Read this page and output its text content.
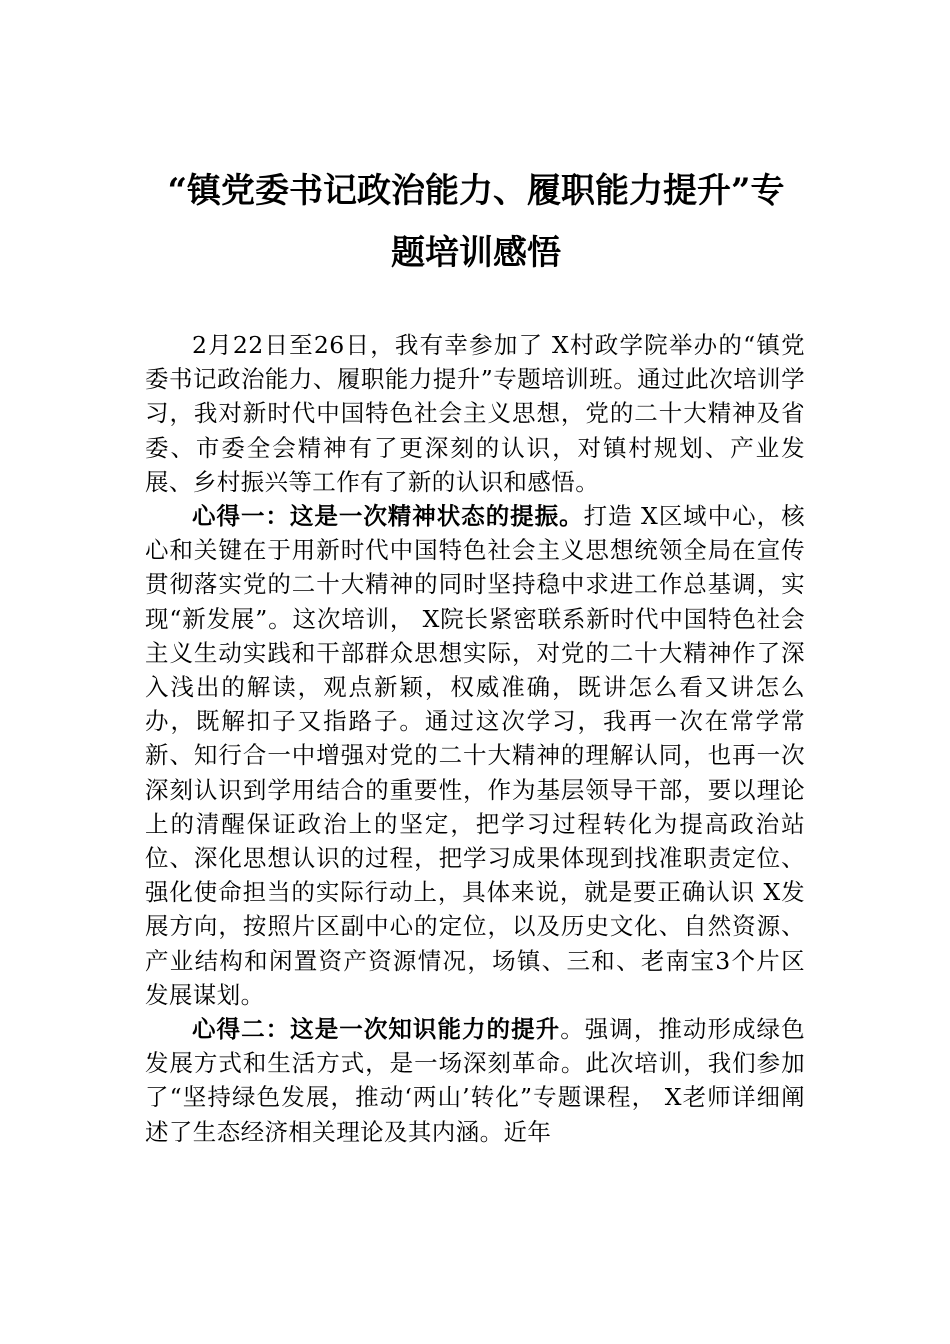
“镇党委书记政治能力、履职能力提升”专
题培训感悟

2月22日至26日，我有幸参加了 X村政学院举办的“镇党委书记政治能力、履职能力提升”专题培训班。通过此次培训学习，我对新时代中国特色社会主义思想，党的二十大精神及省委、市委全会精神有了更深刻的认识，对镇村规划、产业发展、乡村振兴等工作有了新的认识和感悟。

心得一：这是一次精神状态的提振。打造 X区域中心，核心和关键在于用新时代中国特色社会主义思想统领全局在宣传贯彻落实党的二十大精神的同时坚持稳中求进工作总基调，实现“新发展”。这次培训， X院长紧密联系新时代中国特色社会主义生动实践和干部群众思想实际，对党的二十大精神作了深入浅出的解读，观点新颖，权威准确，既讲怎么看又讲怎么办，既解扣子又指路子。通过这次学习，我再一次在常学常新、知行合一中增强对党的二十大精神的理解认同，也再一次深刻认识到学用结合的重要性，作为基层领导干部，要以理论上的清醒保证政治上的坚定，把学习过程转化为提高政治站位、深化思想认识的过程，把学习成果体现到找准职责定位、强化使命担当的实际行动上，具体来说，就是要正确认识 X发展方向，按照片区副中心的定位，以及历史文化、自然资源、产业结构和闲置资产资源情况，场镇、三和、老南宝3个片区发展谋划。

心得二：这是一次知识能力的提升。强调，推动形成绿色发展方式和生活方式，是一场深刻革命。此次培训，我们参加了“坚持绿色发展，推动‘两山’转化”专题课程， X老师详细阐述了生态经济相关理论及其内涵。近年
